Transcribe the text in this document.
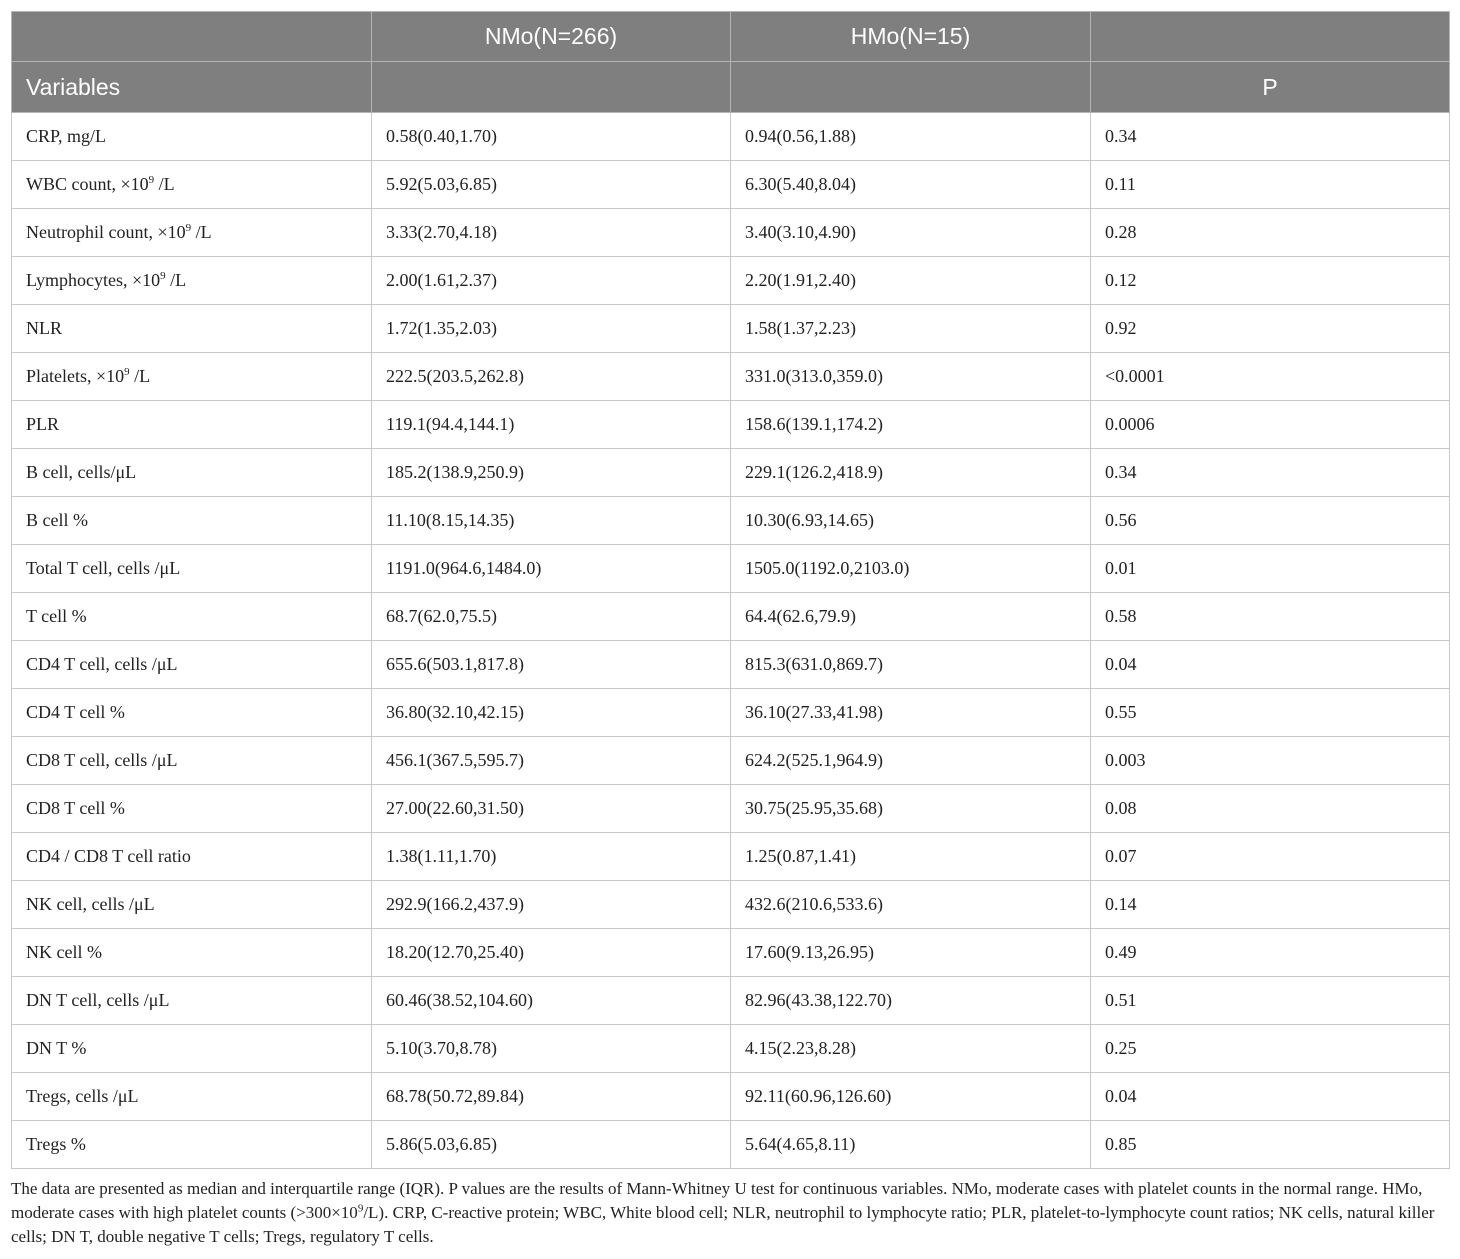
	NMo(N=266)	HMo(N=15)	
Variables			P
CRP, mg/L	0.58(0.40,1.70)	0.94(0.56,1.88)	0.34
WBC count, $\times 10^9$ /L	5.92(5.03,6.85)	6.30(5.40,8.04)	0.11
Neutrophil count, $\times 10^9$ /L	3.33(2.70,4.18)	3.40(3.10,4.90)	0.28
Lymphocytes, $\times 10^9$ /L	2.00(1.61,2.37)	2.20(1.91,2.40)	0.12
NLR	1.72(1.35,2.03)	1.58(1.37,2.23)	0.92
Platelets, $\times 10^9$ /L	222.5(203.5,262.8)	331.0(313.0,359.0)	<0.0001
PLR	119.1(94.4,144.1)	158.6(139.1,174.2)	0.0006
B cell, cells/μL	185.2(138.9,250.9)	229.1(126.2,418.9)	0.34
B cell %	11.10(8.15,14.35)	10.30(6.93,14.65)	0.56
Total T cell, cells /μL	1191.0(964.6,1484.0)	1505.0(1192.0,2103.0)	0.01
T cell %	68.7(62.0,75.5)	64.4(62.6,79.9)	0.58
CD4 T cell, cells /μL	655.6(503.1,817.8)	815.3(631.0,869.7)	0.04
CD4 T cell %	36.80(32.10,42.15)	36.10(27.33,41.98)	0.55
CD8 T cell, cells /μL	456.1(367.5,595.7)	624.2(525.1,964.9)	0.003
CD8 T cell %	27.00(22.60,31.50)	30.75(25.95,35.68)	0.08
CD4 / CD8 T cell ratio	1.38(1.11,1.70)	1.25(0.87,1.41)	0.07
NK cell, cells /μL	292.9(166.2,437.9)	432.6(210.6,533.6)	0.14
NK cell %	18.20(12.70,25.40)	17.60(9.13,26.95)	0.49
DN T cell, cells /μL	60.46(38.52,104.60)	82.96(43.38,122.70)	0.51
DN T %	5.10(3.70,8.78)	4.15(2.23,8.28)	0.25
Tregs, cells /μL	68.78(50.72,89.84)	92.11(60.96,126.60)	0.04
Tregs %	5.86(5.03,6.85)	5.64(4.65,8.11)	0.85
The data are presented as median and interquartile range (IQR). P values are the results of Mann-Whitney U test for continuous variables. NMo, moderate cases with platelet counts in the normal range. HMo, moderate cases with high platelet counts $(>300\times 10^9/L)$. CRP, C-reactive protein; WBC, White blood cell; NLR, neutrophil to lymphocyte ratio; PLR, platelet-to-lymphocyte count ratios; NK cells, natural killer cells; DN T, double negative T cells; Tregs, regulatory T cells.
